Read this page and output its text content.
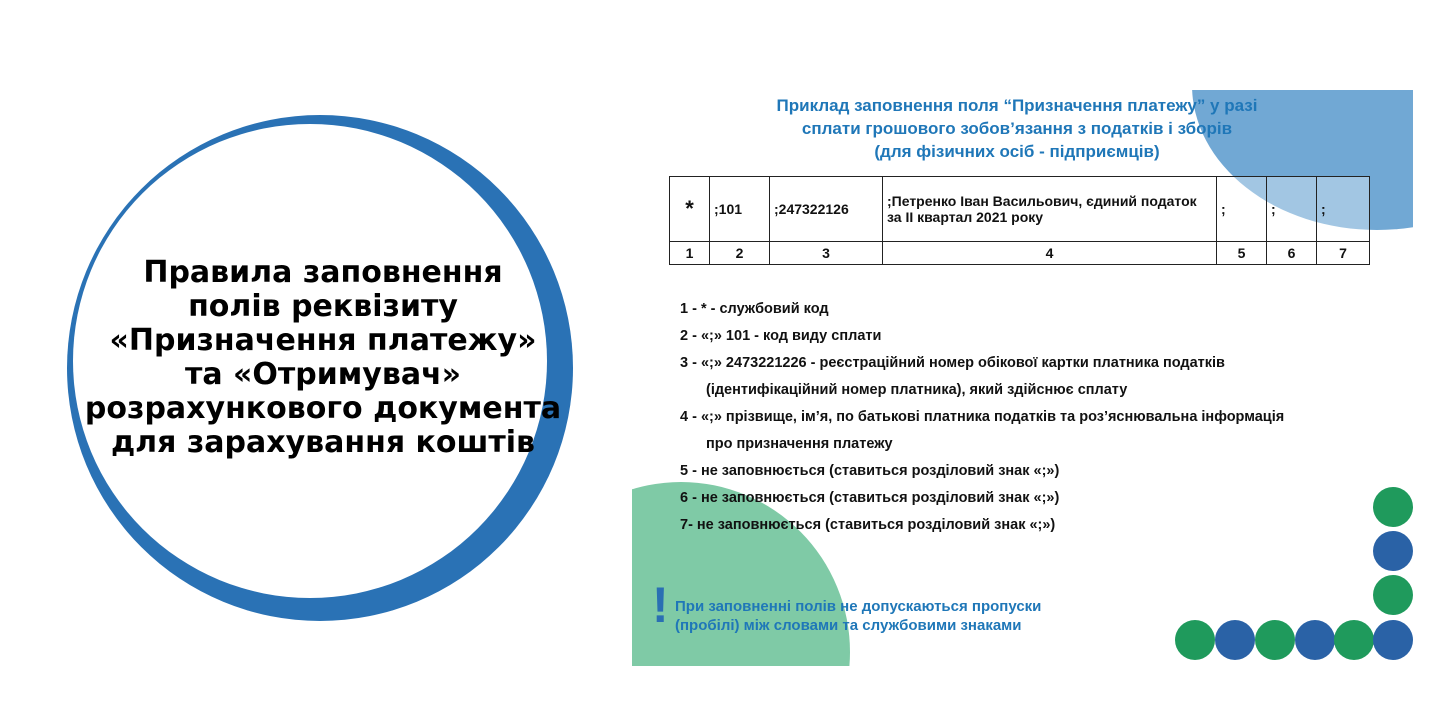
Правила заповнення
полів реквізиту
«Призначення платежу»
та «Отримувач»
розрахункового документа
для зарахування коштів
Приклад заповнення поля “Призначення платежу” у разі
сплати грошового зобов’язання з податків і зборів
(для фізичних осіб - підприємців)
*	;101	;247322126	;Петренко Іван Васильович, єдиний податок за ІІ квартал 2021 року	;	;	;
1	2	3	4	5	6	7

1 - * - службовий код

2 - «;» 101 - код виду сплати

3 - «;» 2473221226 - реєстраційний номер обікової картки платника податків

(ідентифікаційний номер платника), який здійснює сплату

4 - «;» прізвище, ім’я, по батькові платника податків та роз’яснювальна інформація

про призначення платежу

5 - не заповнюється (ставиться розділовий знак «;»)

6 - не заповнюється (ставиться розділовий знак «;»)

7- не заповнюється (ставиться розділовий знак «;»)

! При заповненні полів не допускаються пропуски
(пробілі) між словами та службовими знаками
